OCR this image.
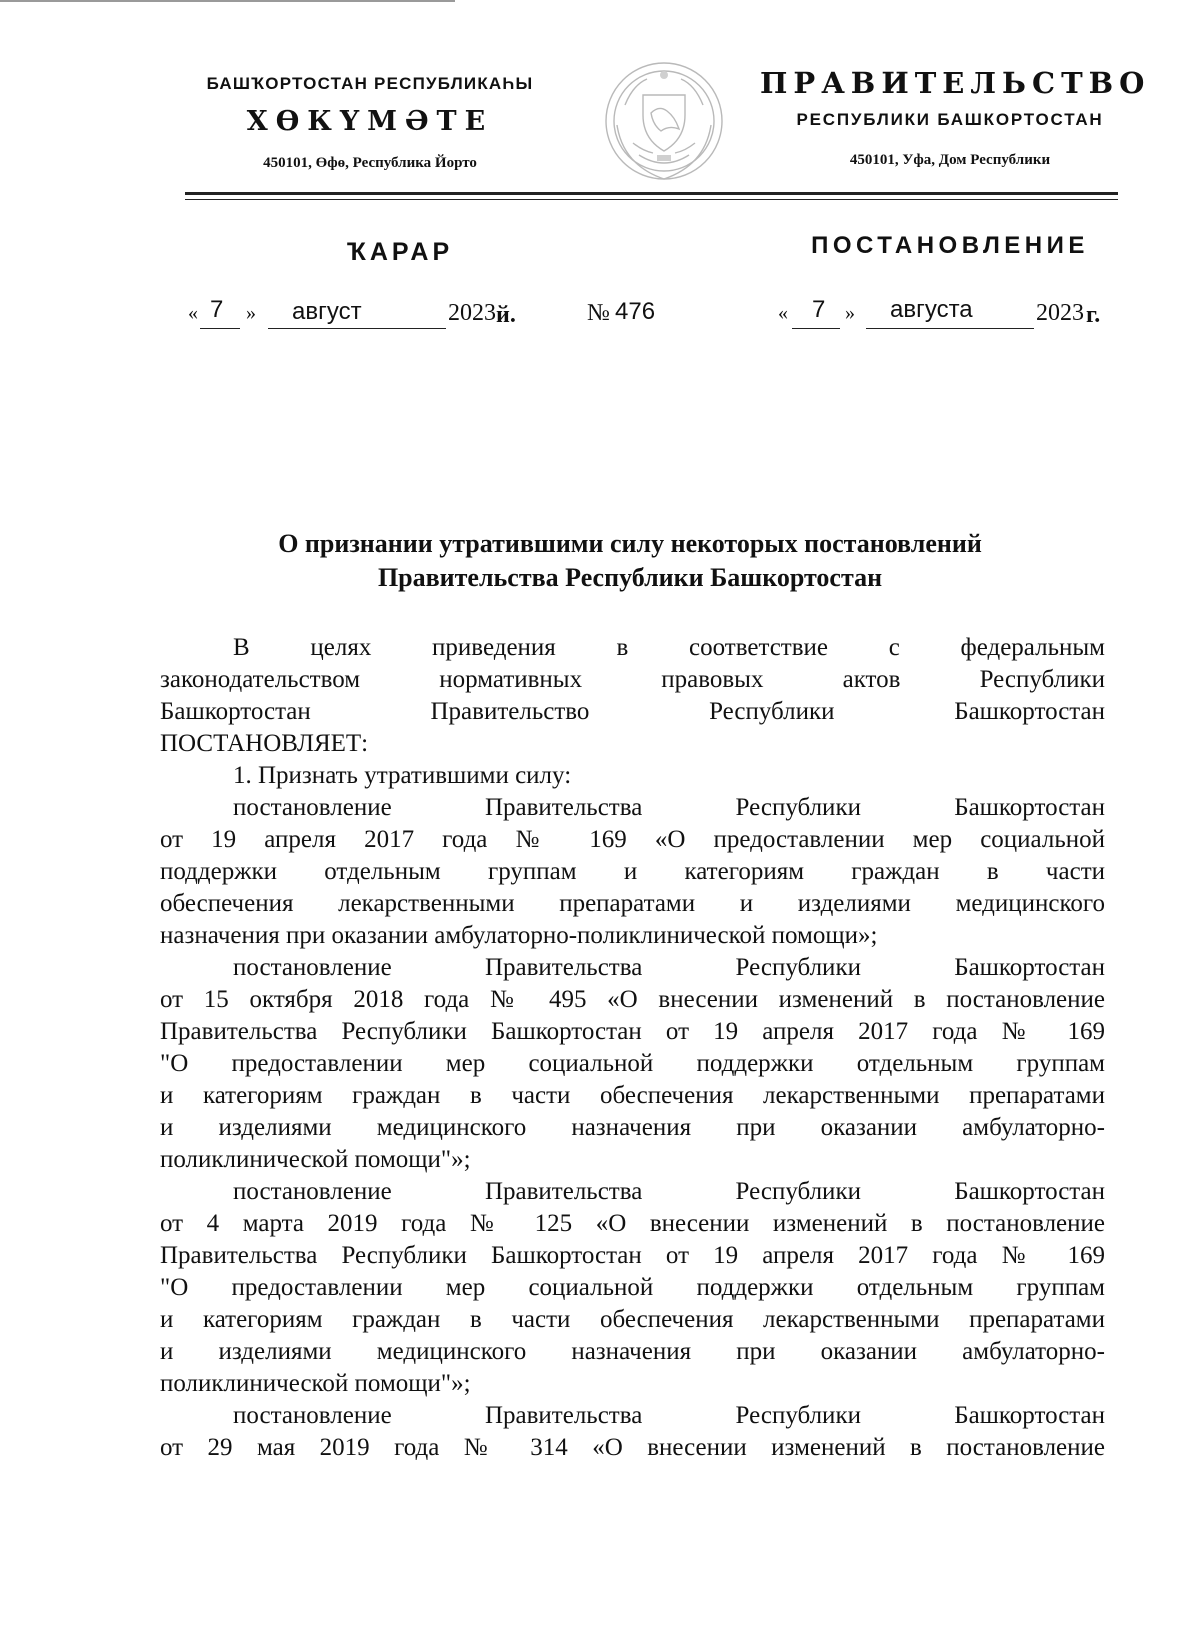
БАШҠОРТОСТАН РЕСПУБЛИКАҺЫ
ХӨКҮМӘТЕ
450101, Өфө, Республика Йорто
ПРАВИТЕЛЬСТВО
РЕСПУБЛИКИ БАШКОРТОСТАН
450101, Уфа, Дом Республики
ҠАРАР	ПОСТАНОВЛЕНИЕ
« 7 » август	2023 й.	№ 476	« 7 » августа	2023 г.
О признании утратившими силу некоторых постановлений
Правительства Республики Башкортостан

В целях приведения в соответствие с федеральным

законодательством нормативных правовых актов Республики

Башкортостан Правительство Республики Башкортостан

ПОСТАНОВЛЯЕТ:

1. Признать утратившими силу:

постановление Правительства Республики Башкортостан

от 19 апреля 2017 года № 169 «О предоставлении мер социальной

поддержки отдельным группам и категориям граждан в части

обеспечения лекарственными препаратами и изделиями медицинского

назначения при оказании амбулаторно-поликлинической помощи»;

постановление Правительства Республики Башкортостан

от 15 октября 2018 года № 495 «О внесении изменений в постановление

Правительства Республики Башкортостан от 19 апреля 2017 года № 169

"О предоставлении мер социальной поддержки отдельным группам

и категориям граждан в части обеспечения лекарственными препаратами

и изделиями медицинского назначения при оказании амбулаторно-

поликлинической помощи"»;

постановление Правительства Республики Башкортостан

от 4 марта 2019 года № 125 «О внесении изменений в постановление

Правительства Республики Башкортостан от 19 апреля 2017 года № 169

"О предоставлении мер социальной поддержки отдельным группам

и категориям граждан в части обеспечения лекарственными препаратами

и изделиями медицинского назначения при оказании амбулаторно-

поликлинической помощи"»;

постановление Правительства Республики Башкортостан

от 29 мая 2019 года № 314 «О внесении изменений в постановление
